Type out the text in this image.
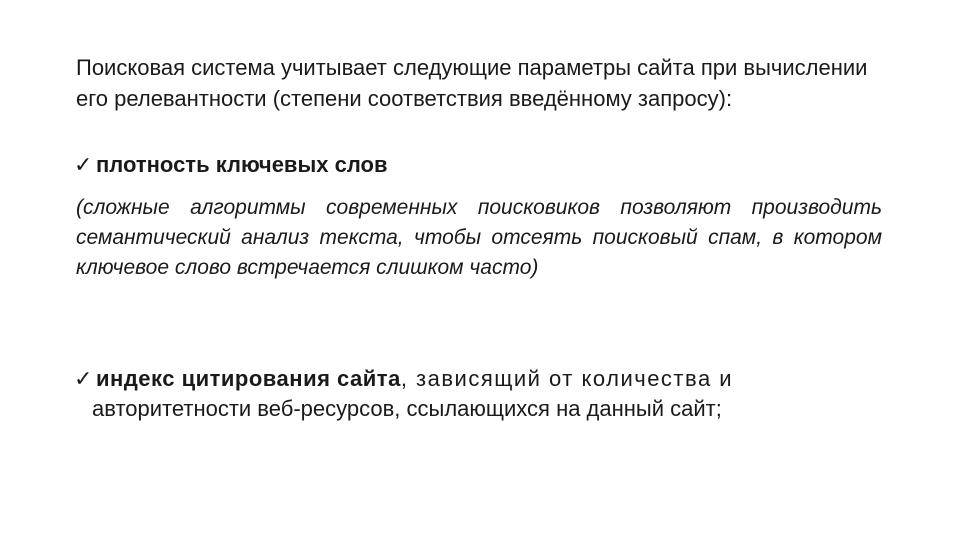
Поисковая система учитывает следующие параметры сайта при вычислении его релевантности (степени соответствия введённому запросу):

✓ плотность ключевых слов

(сложные алгоритмы современных поисковиков позволяют производить семантический анализ текста, чтобы отсеять поисковый спам, в котором ключевое слово встречается слишком часто)

✓ индекс цитирования сайта, зависящий от количества и
авторитетности веб-ресурсов, ссылающихся на данный сайт;
